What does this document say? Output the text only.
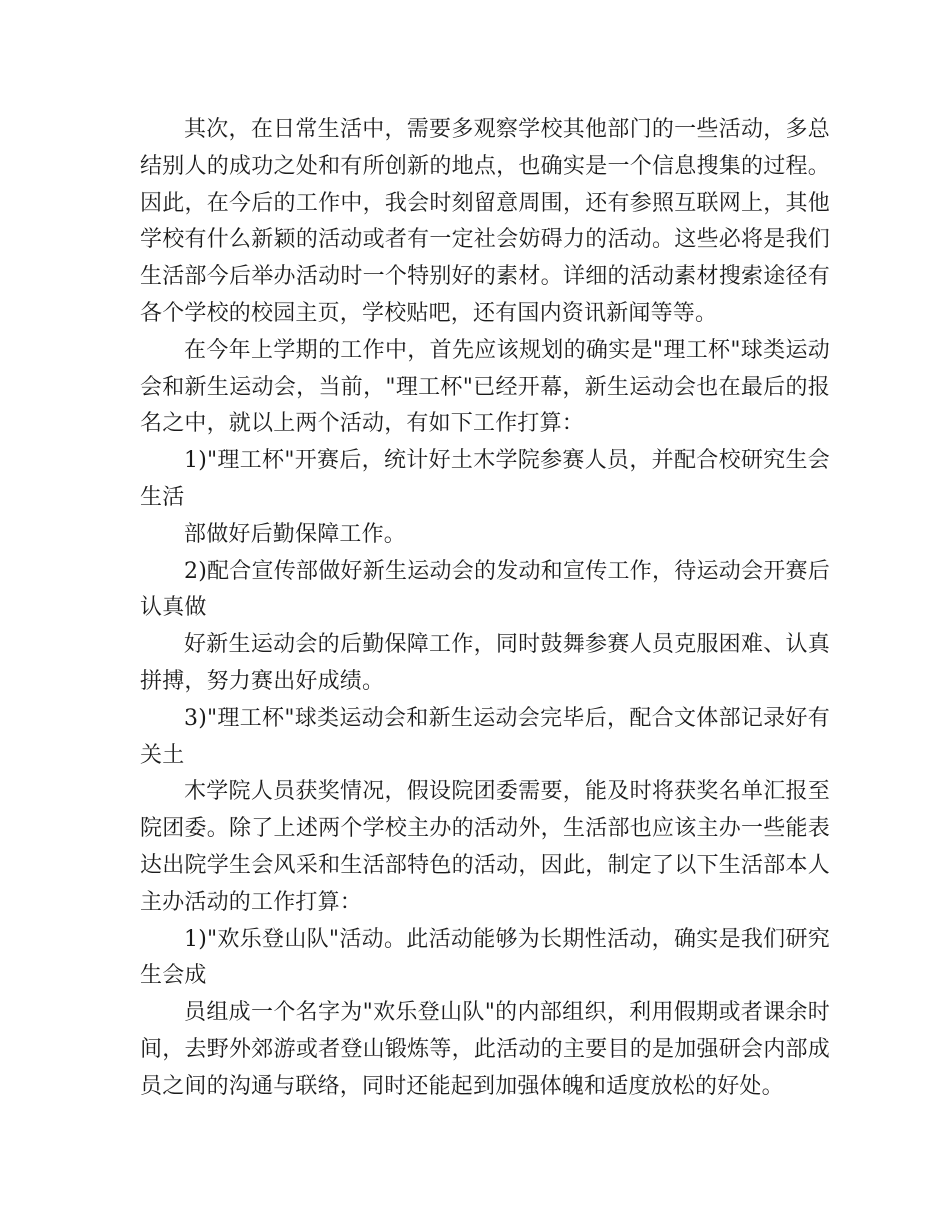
其次，在日常生活中，需要多观察学校其他部门的一些活动，多总结别人的成功之处和有所创新的地点，也确实是一个信息搜集的过程。因此，在今后的工作中，我会时刻留意周围，还有参照互联网上，其他学校有什么新颖的活动或者有一定社会妨碍力的活动。这些必将是我们生活部今后举办活动时一个特别好的素材。详细的活动素材搜索途径有各个学校的校园主页，学校贴吧，还有国内资讯新闻等等。

在今年上学期的工作中，首先应该规划的确实是"理工杯"球类运动会和新生运动会，当前，"理工杯"已经开幕，新生运动会也在最后的报名之中，就以上两个活动，有如下工作打算：

1)"理工杯"开赛后，统计好土木学院参赛人员，并配合校研究生会生活

部做好后勤保障工作。

2)配合宣传部做好新生运动会的发动和宣传工作，待运动会开赛后认真做

好新生运动会的后勤保障工作，同时鼓舞参赛人员克服困难、认真拼搏，努力赛出好成绩。

3)"理工杯"球类运动会和新生运动会完毕后，配合文体部记录好有关土

木学院人员获奖情况，假设院团委需要，能及时将获奖名单汇报至院团委。除了上述两个学校主办的活动外，生活部也应该主办一些能表达出院学生会风采和生活部特色的活动，因此，制定了以下生活部本人主办活动的工作打算：

1)"欢乐登山队"活动。此活动能够为长期性活动，确实是我们研究生会成

员组成一个名字为"欢乐登山队"的内部组织，利用假期或者课余时间，去野外郊游或者登山锻炼等，此活动的主要目的是加强研会内部成员之间的沟通与联络，同时还能起到加强体魄和适度放松的好处。
